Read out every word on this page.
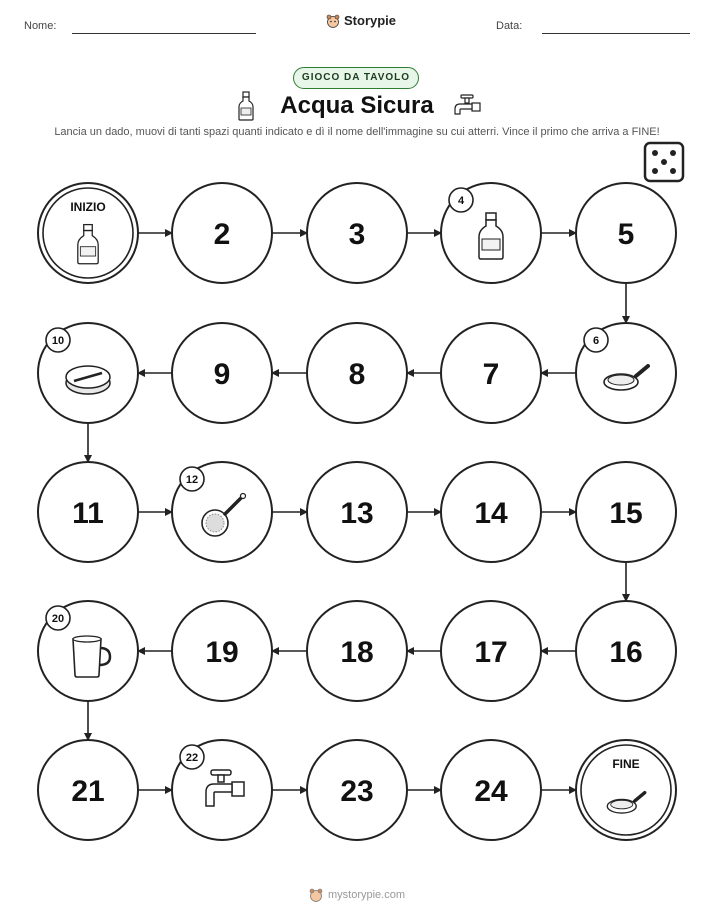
Nome:	Storypie	Data:
GIOCO DA TAVOLO
Acqua Sicura
Lancia un dado, muovi di tanti spazi quanti indicato e dì il nome dell'immagine su cui atterri. Vince il primo che arriva a FINE!
INIZIO
2	3
4
5
6
7
8
9
10
11
12
13	14	15
16
17
18
19
20
21
22
23	24
FINE
mystorypie.com
